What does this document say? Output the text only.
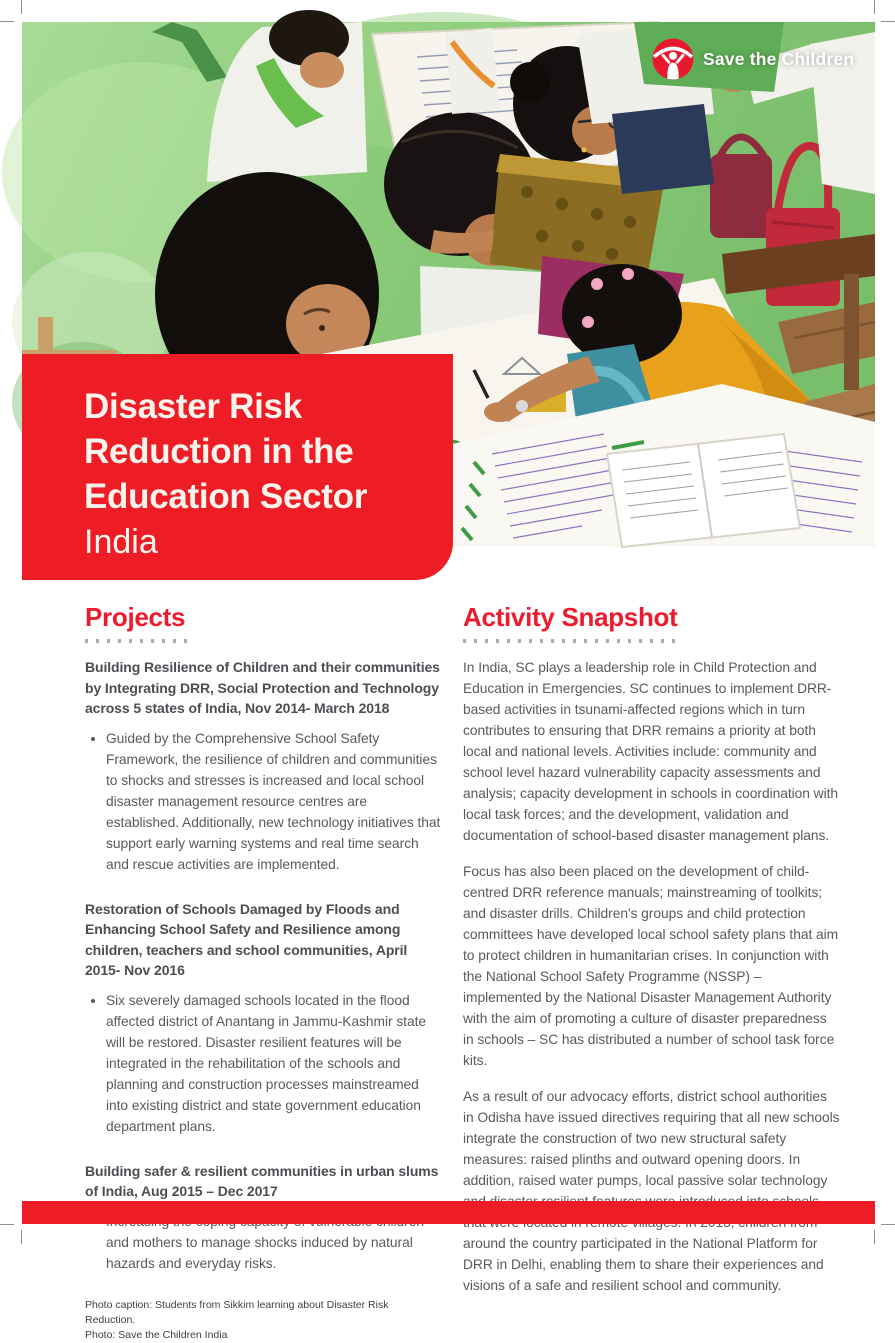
Save the Children
Disaster Risk Reduction in the Education Sector
India
Projects
Building Resilience of Children and their communities by Integrating DRR, Social Protection and Technology across 5 states of India, Nov 2014- March 2018
• Guided by the Comprehensive School Safety Framework, the resilience of children and communities to shocks and stresses is increased and local school disaster management resource centres are established. Additionally, new technology initiatives that support early warning systems and real time search and rescue activities are implemented.
Restoration of Schools Damaged by Floods and Enhancing School Safety and Resilience among children, teachers and school communities, April 2015- Nov 2016
• Six severely damaged schools located in the flood affected district of Anantang in Jammu-Kashmir state will be restored. Disaster resilient features will be integrated in the rehabilitation of the schools and planning and construction processes mainstreamed into existing district and state government education department plans.
Building safer & resilient communities in urban slums of India, Aug 2015 – Dec 2017
• and mothers to manage shocks induced by natural hazards and everyday risks.
Photo caption: Students from Sikkim learning about Disaster Risk Reduction.
Photo: Save the Children India
Activity Snapshot

In India, SC plays a leadership role in Child Protection and Education in Emergencies. SC continues to implement DRR-based activities in tsunami-affected regions which in turn contributes to ensuring that DRR remains a priority at both local and national levels. Activities include: community and school level hazard vulnerability capacity assessments and analysis; capacity development in schools in coordination with local task forces; and the development, validation and documentation of school-based disaster management plans.

Focus has also been placed on the development of child-centred DRR reference manuals; mainstreaming of toolkits; and disaster drills. Children's groups and child protection committees have developed local school safety plans that aim to protect children in humanitarian crises. In conjunction with the National School Safety Programme (NSSP) – implemented by the National Disaster Management Authority with the aim of promoting a culture of disaster preparedness in schools – SC has distributed a number of school task force kits.

As a result of our advocacy efforts, district school authorities in Odisha have issued directives requiring that all new schools integrate the construction of two new structural safety measures: raised plinths and outward opening doors. In addition, raised water pumps, local passive solar technology around the country participated in the National Platform for DRR in Delhi, enabling them to share their experiences and visions of a safe and resilient school and community.
